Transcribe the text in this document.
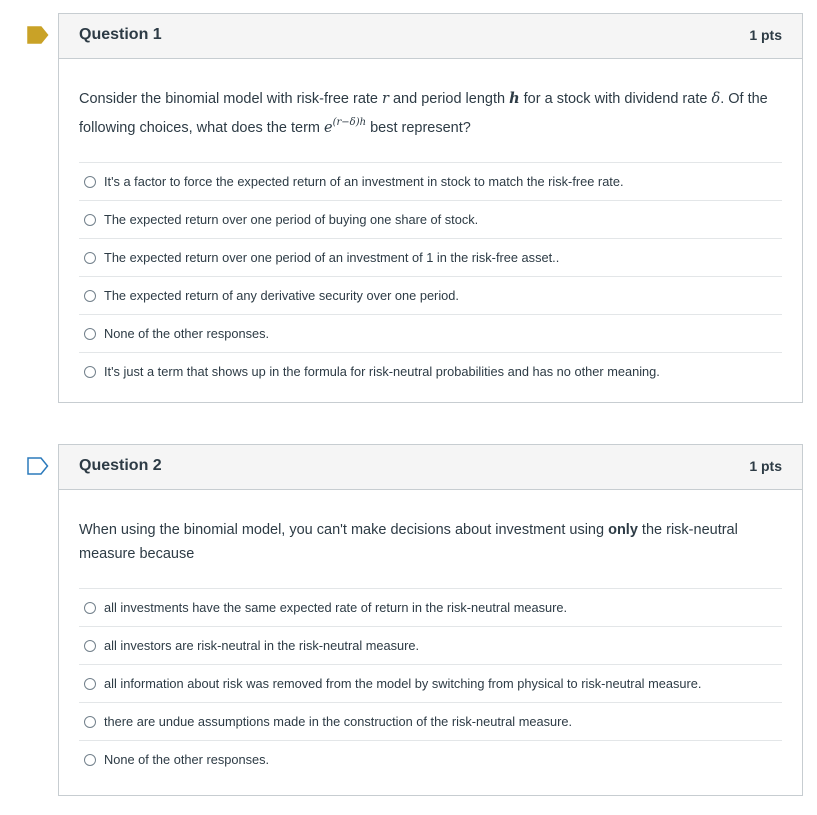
Question 1	1 pts

Consider the binomial model with risk-free rate r and period length h for a stock with dividend rate δ. Of the following choices, what does the term $e^{(r-\delta)h}$ best represent?

It's a factor to force the expected return of an investment in stock to match the risk-free rate.
The expected return over one period of buying one share of stock.
The expected return over one period of an investment of 1 in the risk-free asset..
The expected return of any derivative security over one period.
None of the other responses.
It's just a term that shows up in the formula for risk-neutral probabilities and has no other meaning.
Question 2	1 pts

When using the binomial model, you can't make decisions about investment using only the risk-neutral measure because

all investments have the same expected rate of return in the risk-neutral measure.
all investors are risk-neutral in the risk-neutral measure.
all information about risk was removed from the model by switching from physical to risk-neutral measure.
there are undue assumptions made in the construction of the risk-neutral measure.
None of the other responses.
